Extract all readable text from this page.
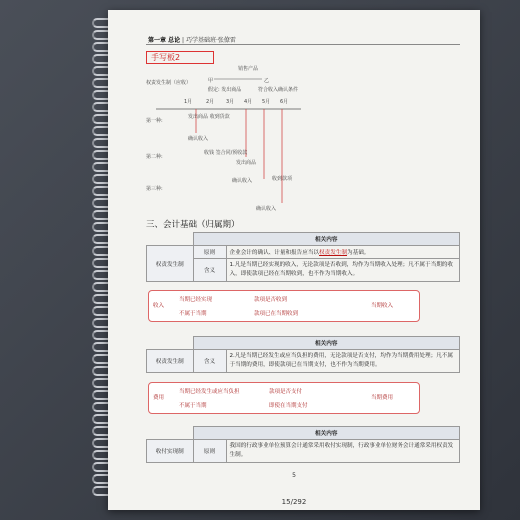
第一章 总论 | 巧学基础班·张僚雷
手写板2
权责发生制（应收）	甲
销售产品
乙
假定: 发出商品	符合收入确认条件
1月	2月 3月 4月 5月 6月
第一种:
发出商品 收到货款
确认收入
第二种:
收钱 签合同/预收款
发出商品
确认收入
第三种:
收到款项
确认收入
三、会计基础（归属期）
	相关内容	
权责发生制	原则	企业会计的确认、计量和报告应当以权责发生制为基础。
	含义	1.凡是当期已经实现的收入，无论款项是否收到，均作为当期收入处理；凡不属于当期的收入，即使款项已经在当期收到，也不作为当期收入。
收入
当期已经实现	款项是否收到
不属于当期	款项已在当期收到
当期收入
	相关内容	
权责发生制	含义	2.凡是当期已经发生或应当负担的费用，无论款项是否支付，均作为当期费用处理；凡不属于当期的费用，即使款项已在当期支付，也不作为当期费用。
费用
当期已经发生或应当负担	款项是否支付
不属于当期	即使在当期支付
当期费用
	相关内容	
收付实现制	原则	我国的行政事业单位预算会计通常采用收付实现制，行政事业单位财务会计通常采用权责发生制。
5
15/292
